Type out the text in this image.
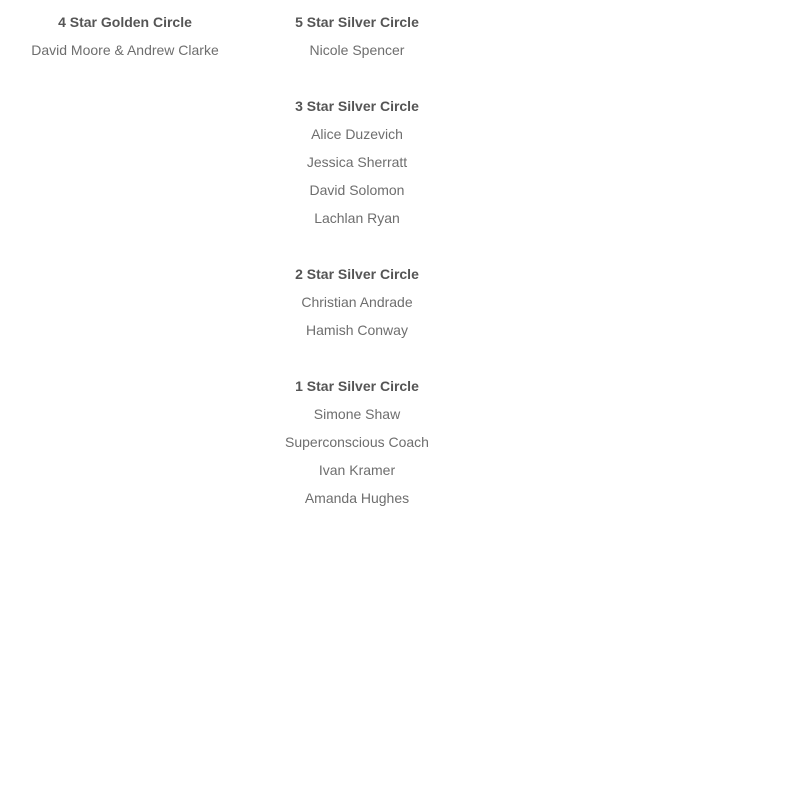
4 Star Golden Circle
David Moore & Andrew Clarke
5 Star Silver Circle
Nicole Spencer
3 Star Silver Circle
Alice Duzevich
Jessica Sherratt
David Solomon
Lachlan Ryan
2 Star Silver Circle
Christian Andrade
Hamish Conway
1 Star Silver Circle
Simone Shaw
Superconscious Coach
Ivan Kramer
Amanda Hughes
